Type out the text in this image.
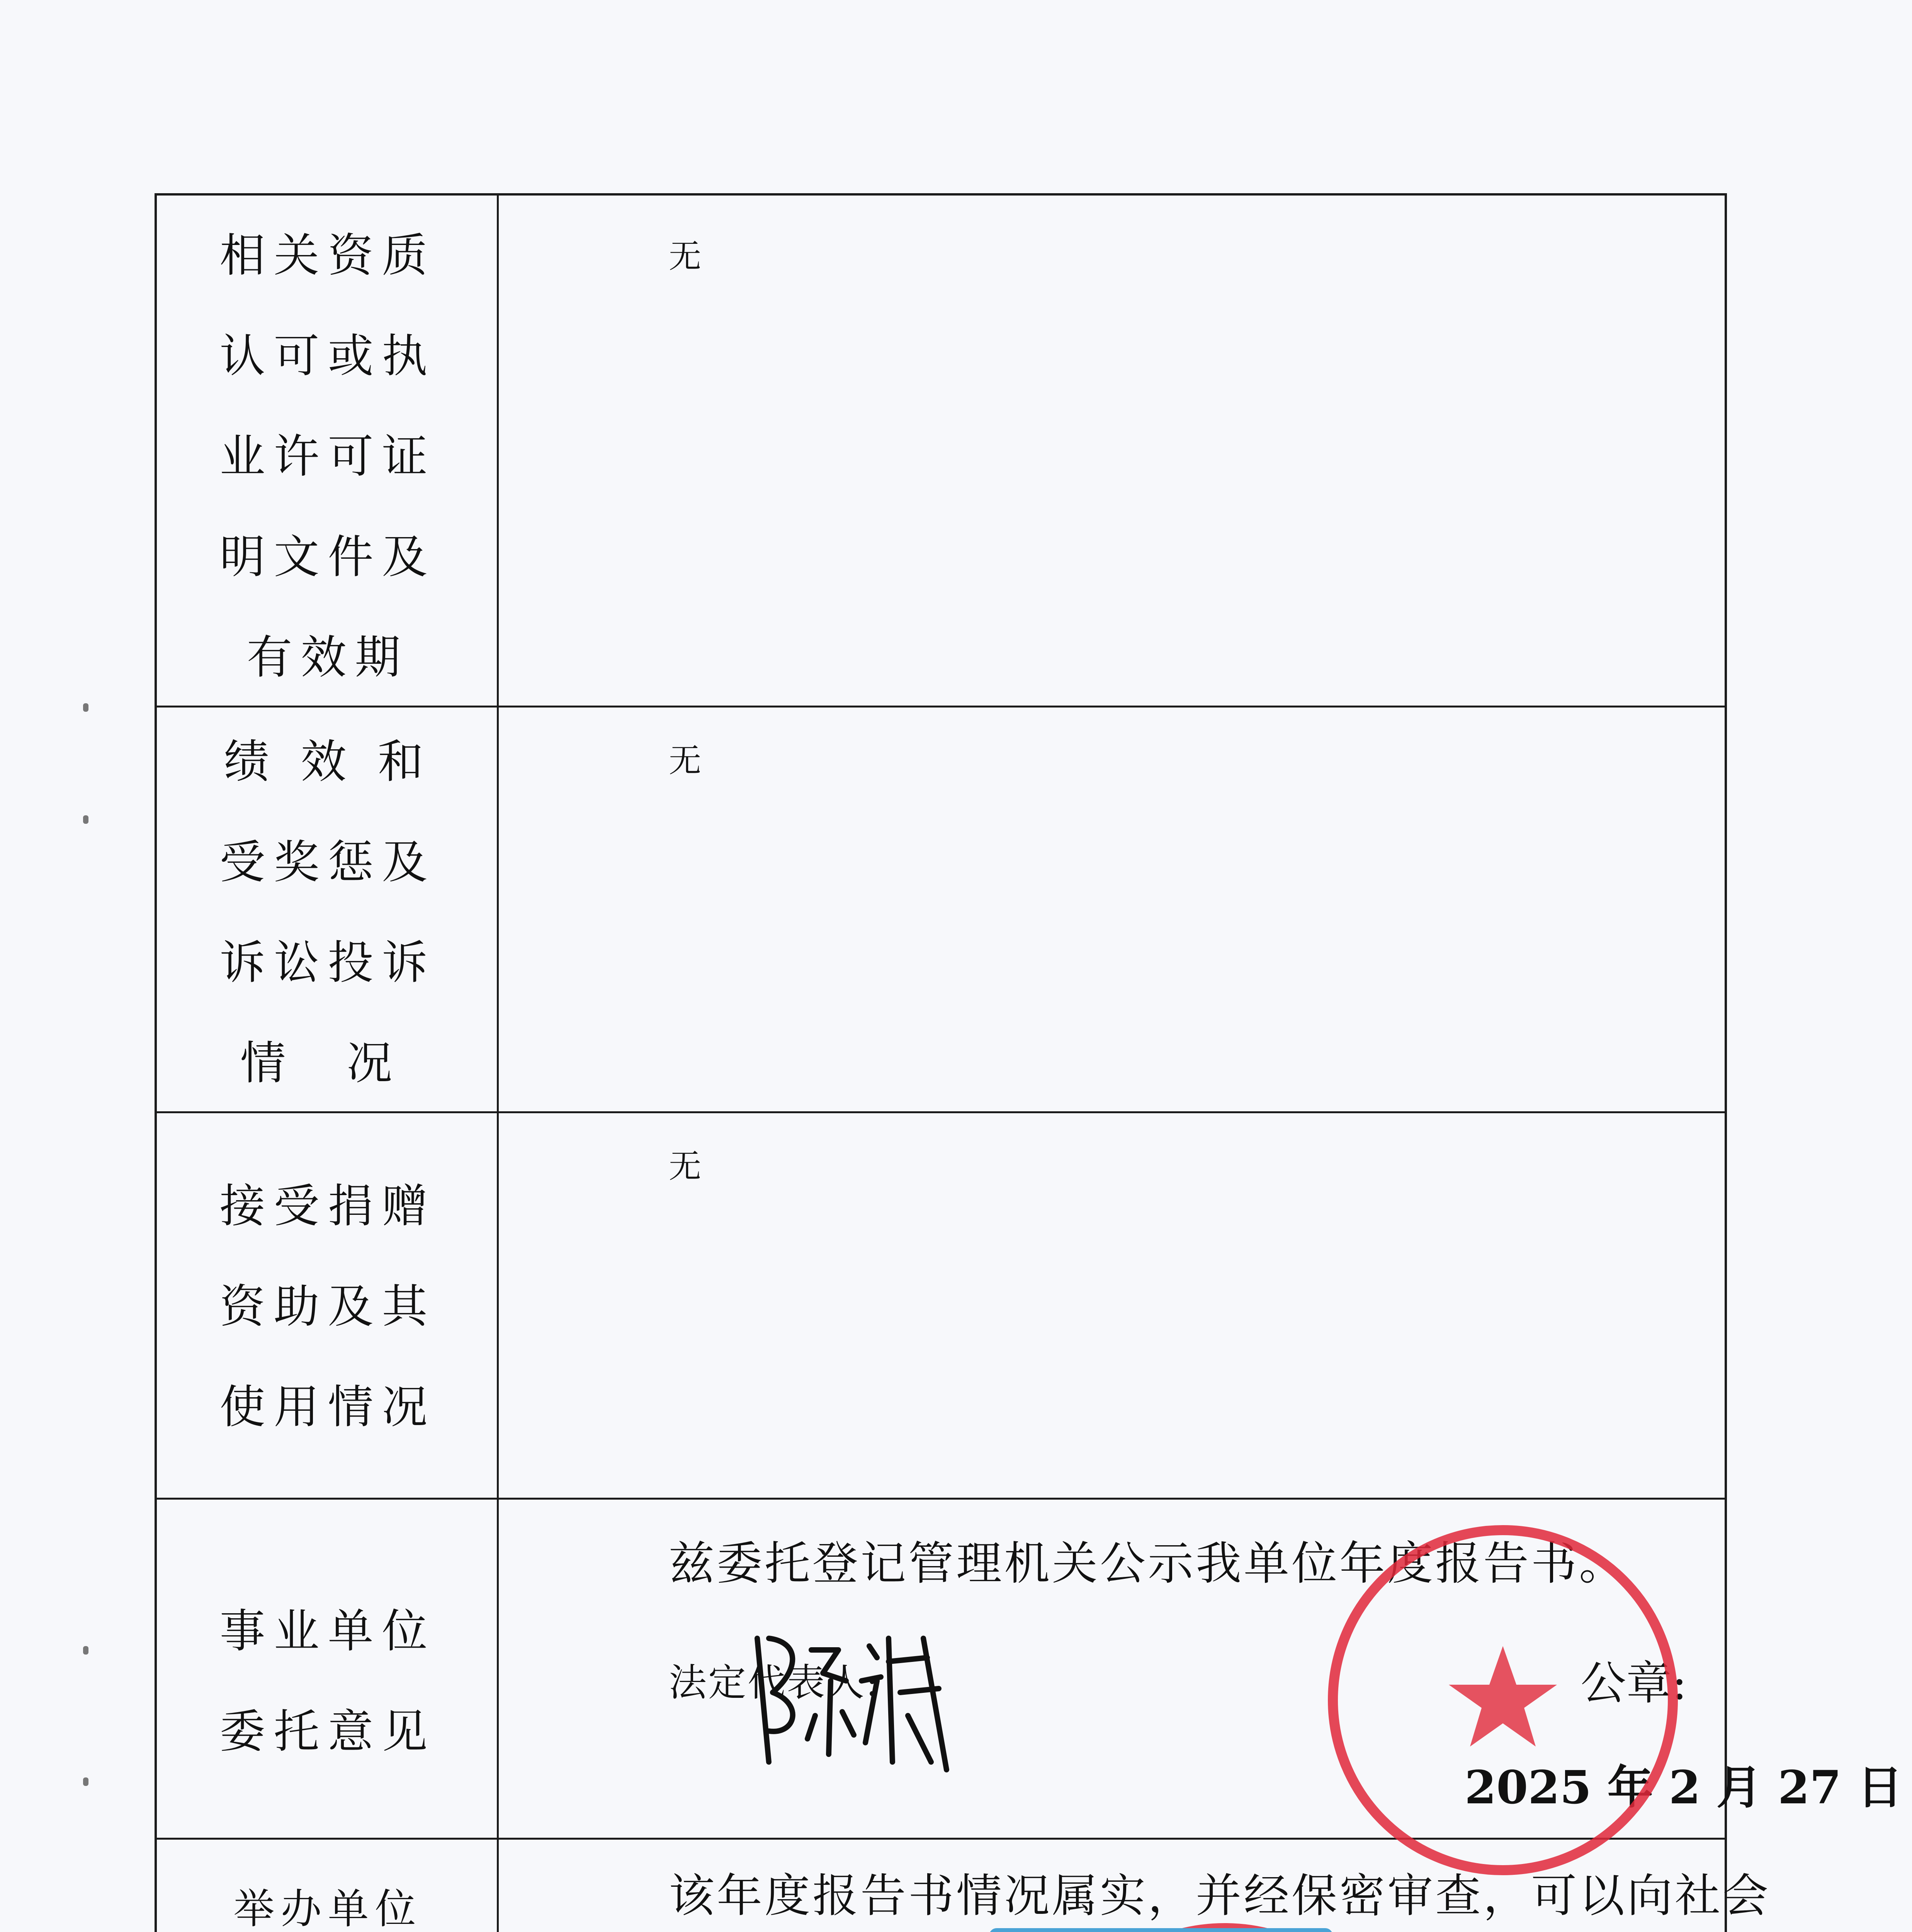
相关资质
认可或执
业许可证
明文件及
有效期
无
绩 效 和
受奖惩及
诉讼投诉
情 况
无
接受捐赠
资助及其
使用情况
无
事业单位
委托意见
兹委托登记管理机关公示我单位年度报告书。
法定代表人:	公章:
2025 年 2 月 27 日
举办单位	该年度报告书情况属实，并经保密审查，可以向社会
